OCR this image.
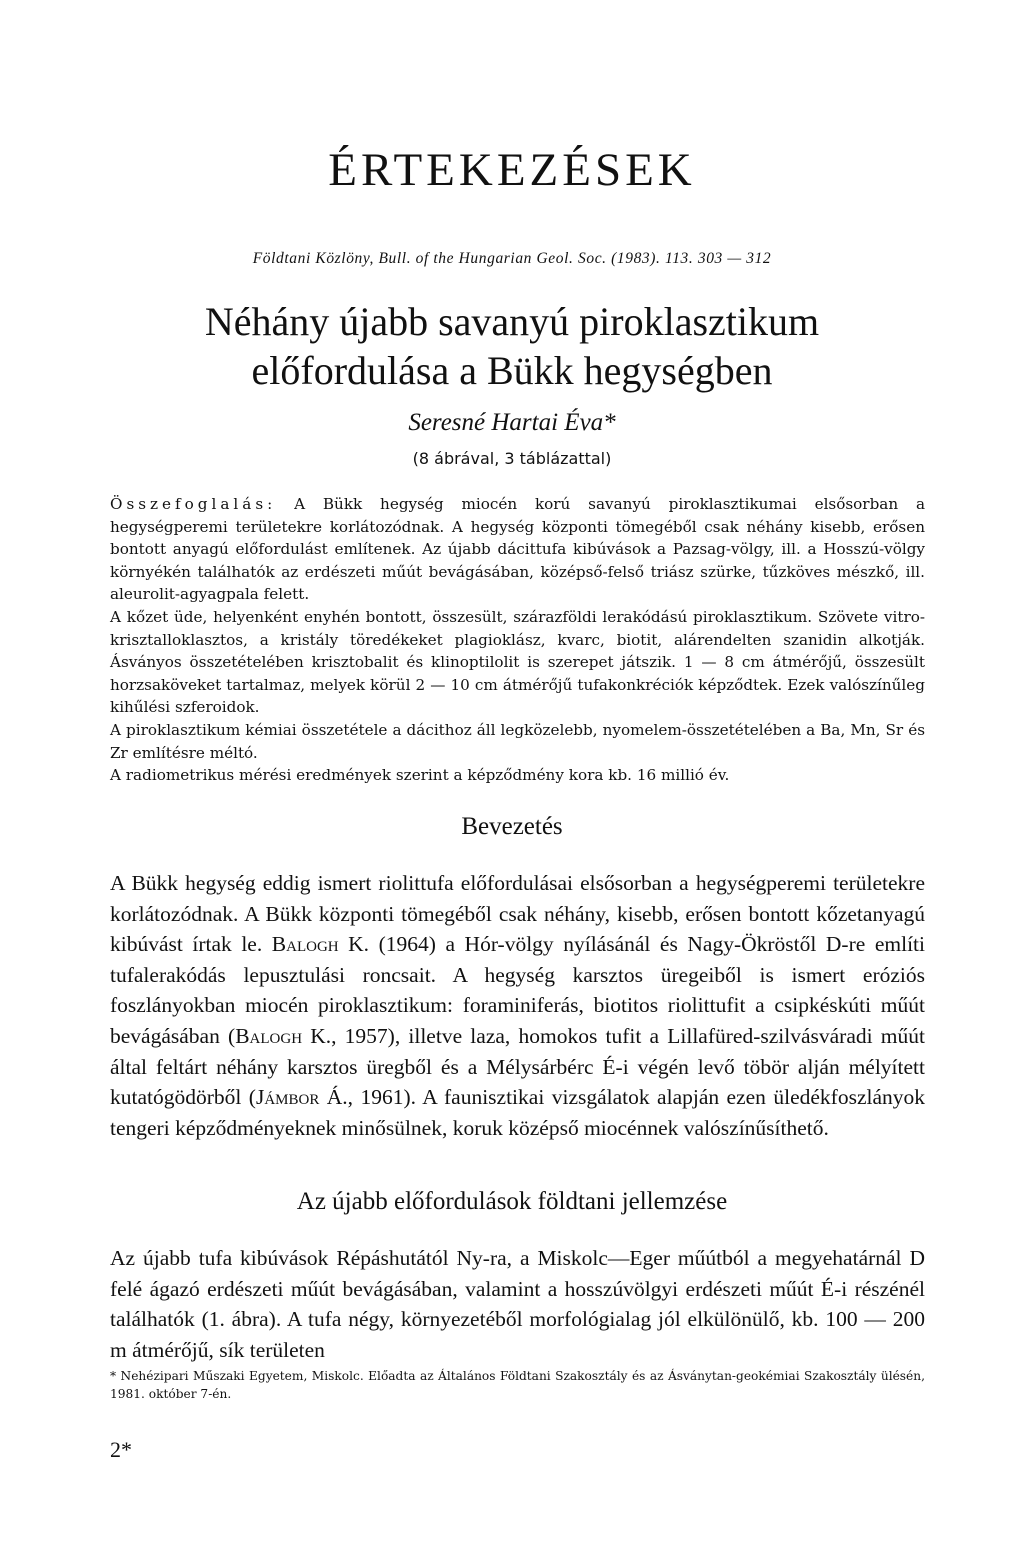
ÉRTEKEZÉSEK
Földtani Közlöny, Bull. of the Hungarian Geol. Soc. (1983). 113. 303 — 312
Néhány újabb savanyú piroklasztikum
előfordulása a Bükk hegységben
Seresné Hartai Éva*
(8 ábrával, 3 táblázattal)

Összefoglalás: A Bükk hegység miocén korú savanyú piroklasztikumai elsősorban a hegységperemi területekre korlátozódnak. A hegység központi tömegéből csak néhány kisebb, erősen bontott anyagú előfordulást említenek. Az újabb dácittufa kibúvások a Pazsag-völgy, ill. a Hosszú-völgy környékén találhatók az erdészeti műút bevágásában, középső-felső triász szürke, tűzköves mészkő, ill. aleurolit-agyagpala felett.

A kőzet üde, helyenként enyhén bontott, összesült, szárazföldi lerakódású piroklasztikum. Szövete vitro-krisztalloklasztos, a kristály töredékeket plagioklász, kvarc, biotit, alárendelten szanidin alkotják. Ásványos összetételében krisztobalit és klinoptilolit is szerepet játszik. 1 — 8 cm átmérőjű, összesült horzsaköveket tartalmaz, melyek körül 2 — 10 cm átmérőjű tufakonkréciók képződtek. Ezek valószínűleg kihűlési szferoidok.

A piroklasztikum kémiai összetétele a dácithoz áll legközelebb, nyomelem-összetételében a Ba, Mn, Sr és Zr említésre méltó.

A radiometrikus mérési eredmények szerint a képződmény kora kb. 16 millió év.

Bevezetés

A Bükk hegység eddig ismert riolittufa előfordulásai elsősorban a hegységperemi területekre korlátozódnak. A Bükk központi tömegéből csak néhány, kisebb, erősen bontott kőzetanyagú kibúvást írtak le. Balogh K. (1964) a Hór-völgy nyílásánál és Nagy-Ökröstől D-re említi tufalerakódás lepusztulási roncsait. A hegység karsztos üregeiből is ismert eróziós foszlányokban miocén piroklasztikum: foraminiferás, biotitos riolittufit a csipkéskúti műút bevágásában (Balogh K., 1957), illetve laza, homokos tufit a Lillafüred-szilvásváradi műút által feltárt néhány karsztos üregből és a Mélysárbérc É-i végén levő töbör alján mélyített kutatógödörből (Jámbor Á., 1961). A faunisztikai vizsgálatok alapján ezen üledékfoszlányok tengeri képződményeknek minősülnek, koruk középső miocénnek valószínűsíthető.

Az újabb előfordulások földtani jellemzése

Az újabb tufa kibúvások Répáshutától Ny-ra, a Miskolc—Eger műútból a megyehatárnál D felé ágazó erdészeti műút bevágásában, valamint a hosszúvölgyi erdészeti műút É-i részénél találhatók (1. ábra). A tufa négy, környezetéből morfológialag jól elkülönülő, kb. 100 — 200 m átmérőjű, sík területen

* Nehézipari Műszaki Egyetem, Miskolc. Előadta az Általános Földtani Szakosztály és az Ásványtan-geokémiai Szakosztály ülésén, 1981. október 7-én.
2*
